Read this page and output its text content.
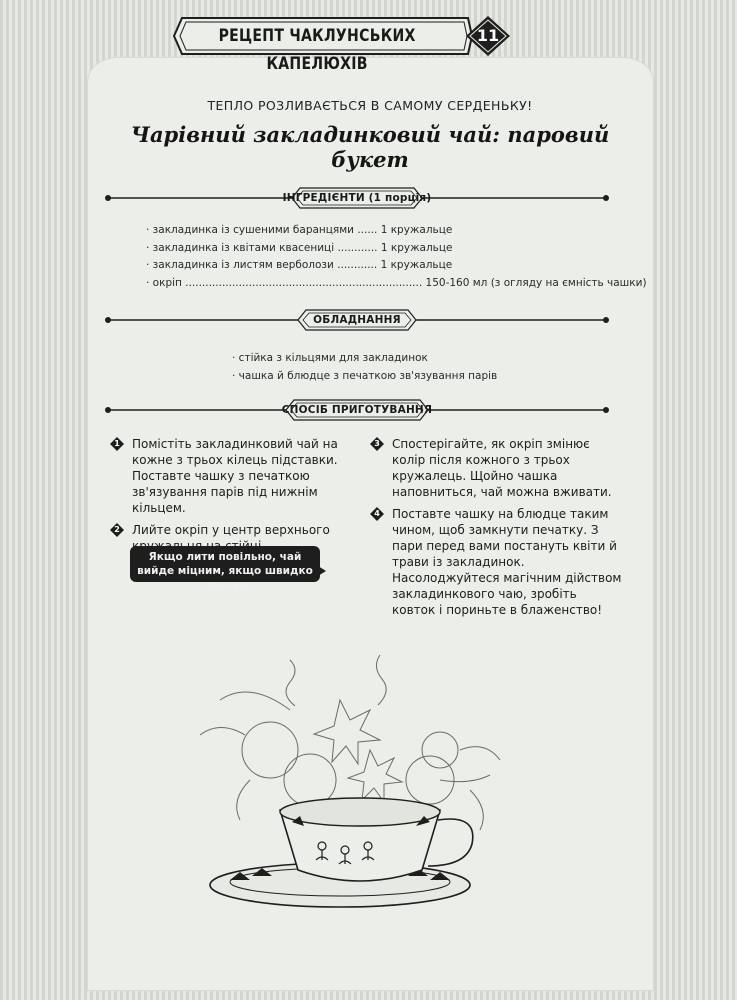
РЕЦЕПТ ЧАКЛУНСЬКИХ КАПЕЛЮХІВ
11
ТЕПЛО РОЗЛИВАЄТЬСЯ В САМОМУ СЕРДЕНЬКУ!
Чарівний закладинковий чай: паровий букет
ІНГРЕДІЄНТИ (1 порція)
· закладинка із сушеними баранцями ...... 1 кружальце
· закладинка із квітами квасениці ............ 1 кружальце
· закладинка із листям верболози ............ 1 кружальце
· окріп ....................................................................... 150-160 мл (з огляду на ємність чашки)
ОБЛАДНАННЯ
· стійка з кільцями для закладинок
· чашка й блюдце з печаткою зв'язування парів
СПОСІБ ПРИГОТУВАННЯ
1	Помістіть закладинковий чай на кожне з трьох кілець підставки. Поставте чашку з печаткою зв'язування парів під нижнім кільцем.
2	Лийте окріп у центр верхнього
3	Спостерігайте, як окріп змінює колір після кожного з трьох кружалець. Щойно чашка наповниться, чай можна вживати.
4	Поставте чашку на блюдце таким чином, щоб замкнути печатку. З пари перед вами постануть квіти й трави із закладинок. Насолоджуйтеся магічним дійством закладинкового чаю, зробіть ковток і пориньте в блаженство!
Якщо лити повільно, чай вийде міцним, якщо швидко - легким.
